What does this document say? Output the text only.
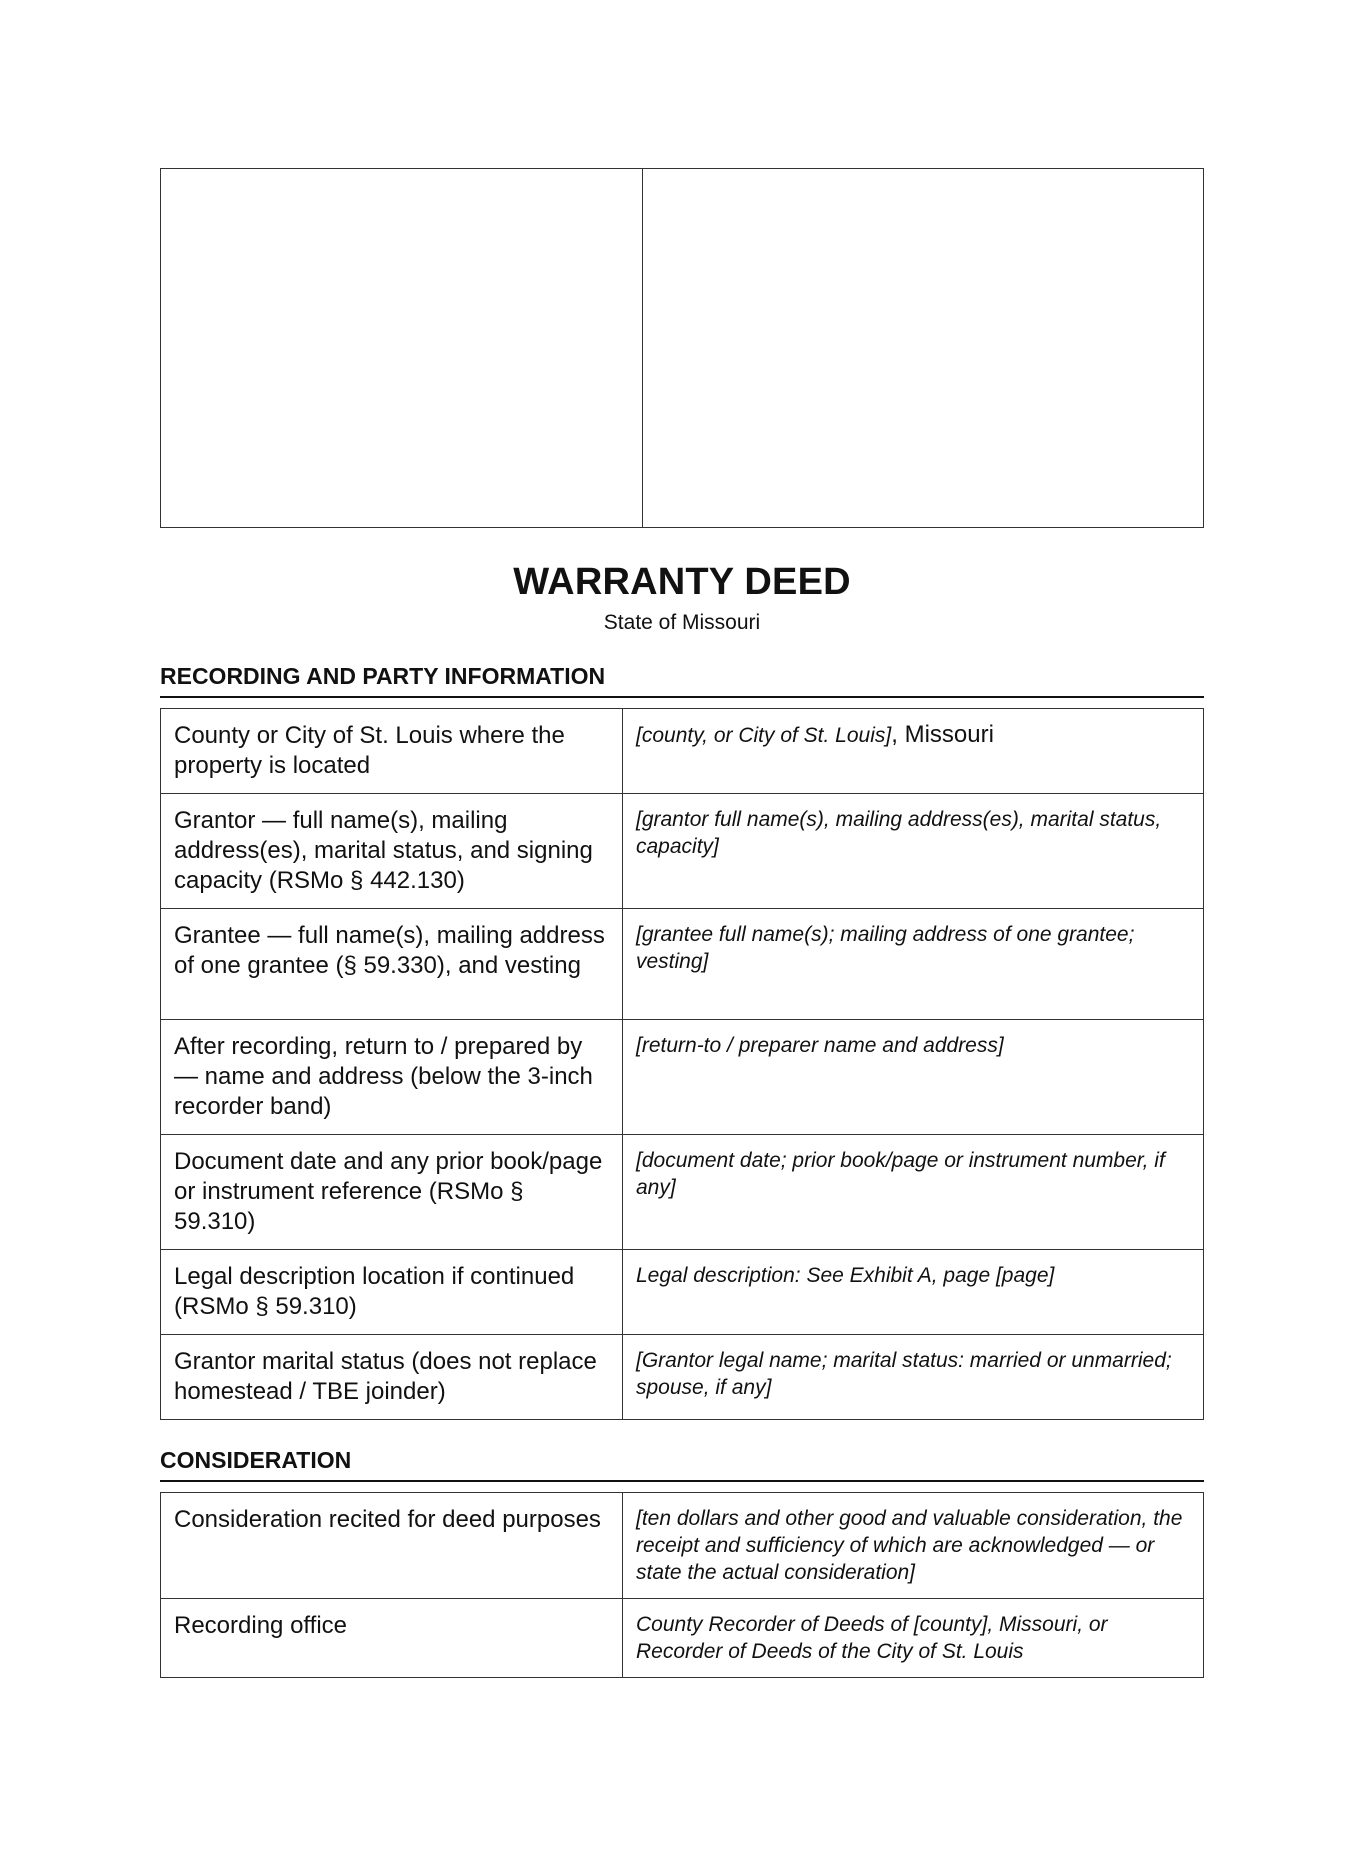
WARRANTY DEED
State of Missouri
RECORDING AND PARTY INFORMATION
County or City of St. Louis where the property is located	[county, or City of St. Louis], Missouri
Grantor — full name(s), mailing address(es), marital status, and signing capacity (RSMo § 442.130)	[grantor full name(s), mailing address(es), marital status, capacity]
Grantee — full name(s), mailing address of one grantee (§ 59.330), and vesting	[grantee full name(s); mailing address of one grantee; vesting]
After recording, return to / prepared by — name and address (below the 3-inch recorder band)	[return-to / preparer name and address]
Document date and any prior book/page or instrument reference (RSMo § 59.310)	[document date; prior book/page or instrument number, if any]
Legal description location if continued (RSMo § 59.310)	Legal description: See Exhibit A, page [page]
Grantor marital status (does not replace homestead / TBE joinder)	[Grantor legal name; marital status: married or unmarried; spouse, if any]
CONSIDERATION
Consideration recited for deed purposes	[ten dollars and other good and valuable consideration, the receipt and sufficiency of which are acknowledged — or state the actual consideration]
Recording office	County Recorder of Deeds of [county], Missouri, or Recorder of Deeds of the City of St. Louis
